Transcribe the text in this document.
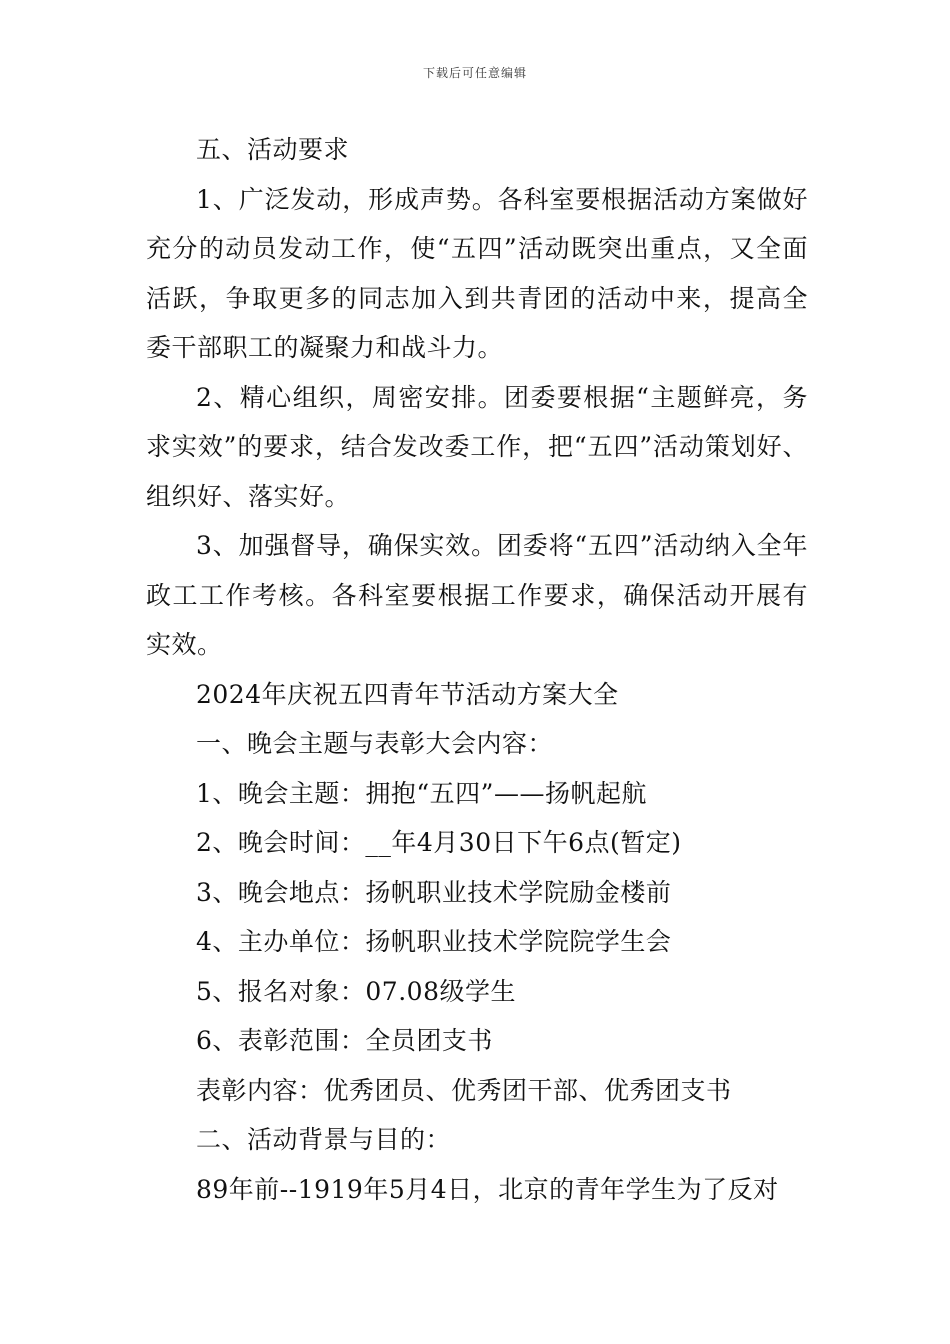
下载后可任意编辑

五、活动要求

1、广泛发动，形成声势。各科室要根据活动方案做好充分的动员发动工作，使“五四”活动既突出重点，又全面活跃，争取更多的同志加入到共青团的活动中来，提高全委干部职工的凝聚力和战斗力。

2、精心组织，周密安排。团委要根据“主题鲜亮，务求实效”的要求，结合发改委工作，把“五四”活动策划好、组织好、落实好。

3、加强督导，确保实效。团委将“五四”活动纳入全年政工工作考核。各科室要根据工作要求，确保活动开展有实效。

2024年庆祝五四青年节活动方案大全

一、晚会主题与表彰大会内容：

1、晚会主题：拥抱“五四”——扬帆起航

2、晚会时间：__年4月30日下午6点(暂定)

3、晚会地点：扬帆职业技术学院励金楼前

4、主办单位：扬帆职业技术学院院学生会

5、报名对象：07.08级学生

6、表彰范围：全员团支书

表彰内容：优秀团员、优秀团干部、优秀团支书

二、活动背景与目的：

89年前--1919年5月4日，北京的青年学生为了反对
